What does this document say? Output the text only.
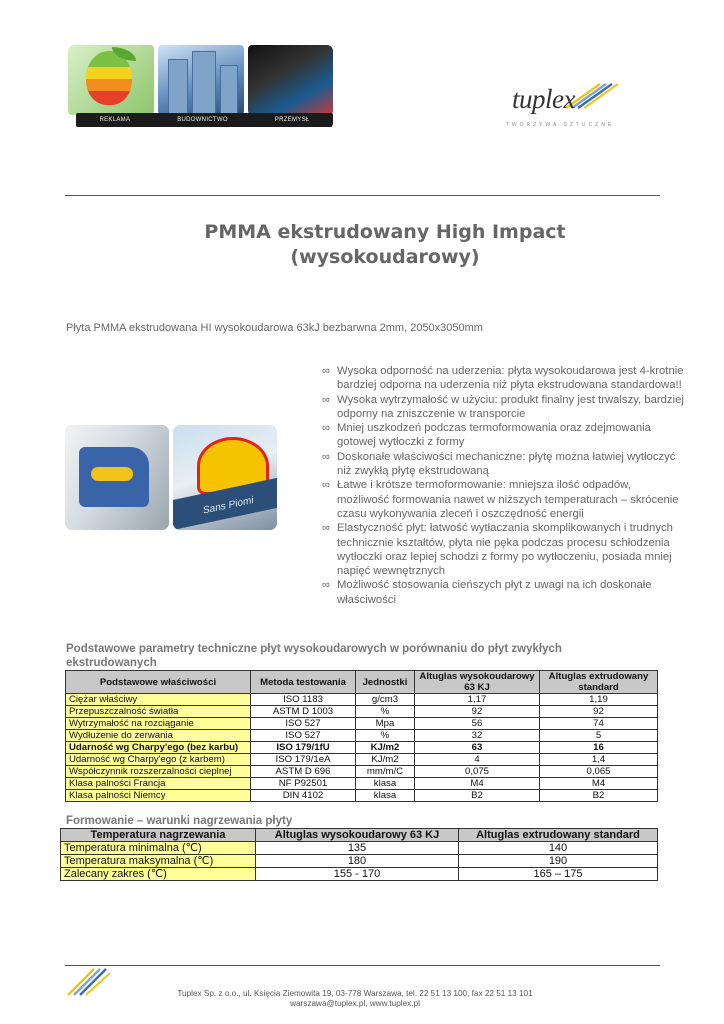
REKLAMA	BUDOWNICTWO	PRZEMYSŁ
tuplex
TWORZYWA SZTUCZNE
PMMA ekstrudowany High Impact
(wysokoudarowy)
Płyta PMMA ekstrudowana HI wysokoudarowa 63kJ bezbarwna 2mm, 2050x3050mm
Sans Piomi
∞ Wysoka odporność na uderzenia: płyta wysokoudarowa jest 4-krotnie bardziej odporna na uderzenia niż płyta ekstrudowana standardowa!!
∞ Wysoka wytrzymałość w użyciu: produkt finalny jest trwalszy, bardziej odporny na zniszczenie w transporcie
∞ Mniej uszkodzeń podczas termoformowania oraz zdejmowania gotowej wytłoczki z formy
∞ Doskonałe właściwości mechaniczne: płytę można łatwiej wytłoczyć niż zwykłą płytę ekstrudowaną
∞ Łatwe i krótsze termoformowanie: mniejsza ilość odpadów, możliwość formowania nawet w niższych temperaturach – skrócenie czasu wykonywania zleceń i oszczędność energii
∞ Elastyczność płyt: łatwość wytłaczania skomplikowanych i trudnych technicznie kształtów, płyta nie pęka podczas procesu schłodzenia wytłoczki oraz lepiej schodzi z formy po wytłoczeniu, posiada mniej napięć wewnętrznych
∞ Możliwość stosowania cieńszych płyt z uwagi na ich doskonałe właściwości
Podstawowe parametry techniczne płyt wysokoudarowych w porównaniu do płyt zwykłych ekstrudowanych
Podstawowe właściwości	Metoda testowania	Jednostki	Altuglas wysokoudarowy 63 KJ	Altuglas extrudowany standard
Ciężar właściwy	ISO 1183	g/cm3	1,17	1,19
Przepuszczalność światła	ASTM D 1003	%	92	92
Wytrzymałość na rozciąganie	ISO 527	Mpa	56	74
Wydłużenie do zerwania	ISO 527	%	32	5
Udarność wg Charpy'ego (bez karbu)	ISO 179/1fU	KJ/m2	63	16
Udarność wg Charpy'ego (z karbem)	ISO 179/1eA	KJ/m2	4	1,4
Współczynnik rozszerzalności cieplnej	ASTM D 696	mm/m/C	0,075	0,065
Klasa palności Francja	NF P92501	klasa	M4	M4
Klasa palności Niemcy	DIN 4102	klasa	B2	B2
Formowanie – warunki nagrzewania płyty
Temperatura nagrzewania	Altuglas wysokoudarowy 63 KJ	Altuglas extrudowany standard
Temperatura minimalna (℃)	135	140
Temperatura maksymalna (℃)	180	190
Zalecany zakres (℃)	155 - 170	165 – 175
Tuplex Sp. z o.o., ul. Księcia Ziemowita 19, 03-778 Warszawa, tel. 22 51 13 100, fax 22 51 13 101
warszawa@tuplex.pl, www.tuplex.pl
